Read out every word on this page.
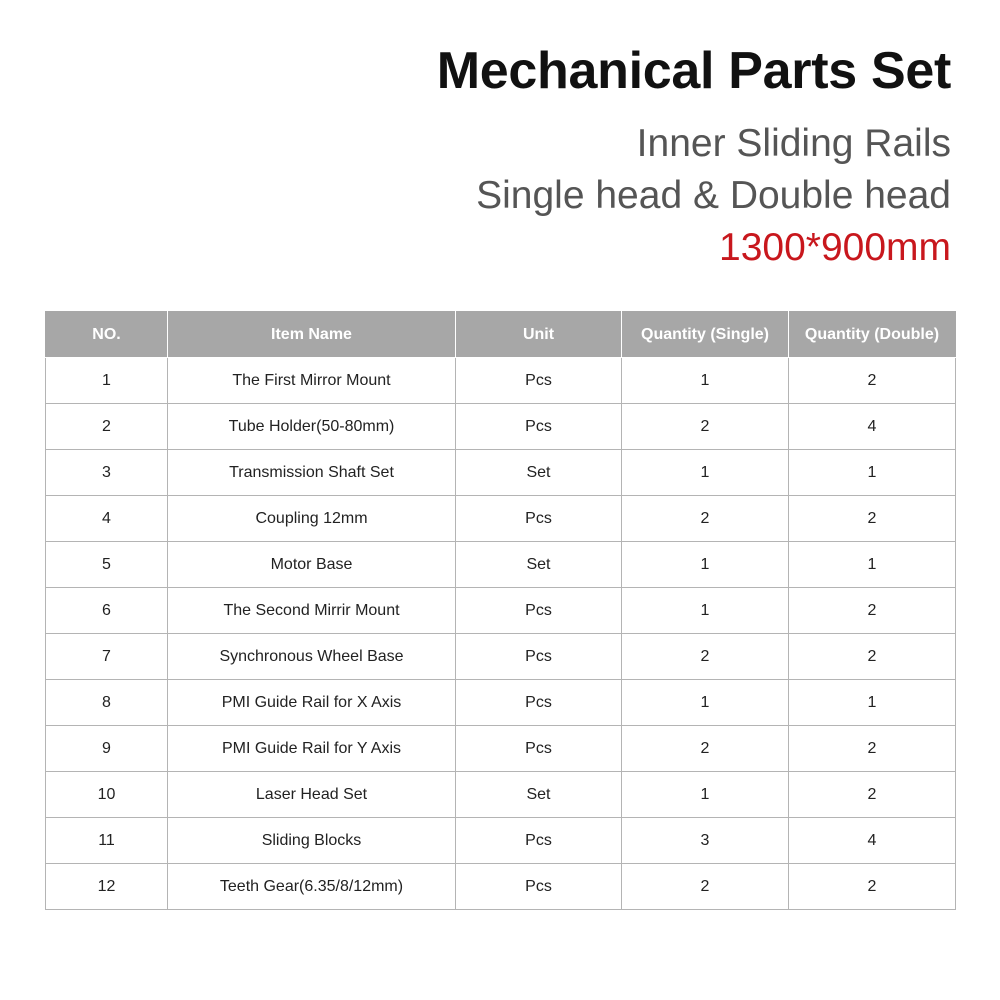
Mechanical Parts Set
Inner Sliding Rails
Single head & Double head
1300*900mm
NO.	Item Name	Unit	Quantity (Single)	Quantity (Double)
1	The First Mirror Mount	Pcs	1	2
2	Tube Holder(50-80mm)	Pcs	2	4
3	Transmission Shaft Set	Set	1	1
4	Coupling 12mm	Pcs	2	2
5	Motor Base	Set	1	1
6	The Second Mirrir Mount	Pcs	1	2
7	Synchronous Wheel Base	Pcs	2	2
8	PMI Guide Rail for X Axis	Pcs	1	1
9	PMI Guide Rail for Y Axis	Pcs	2	2
10	Laser Head Set	Set	1	2
11	Sliding Blocks	Pcs	3	4
12	Teeth Gear(6.35/8/12mm)	Pcs	2	2
